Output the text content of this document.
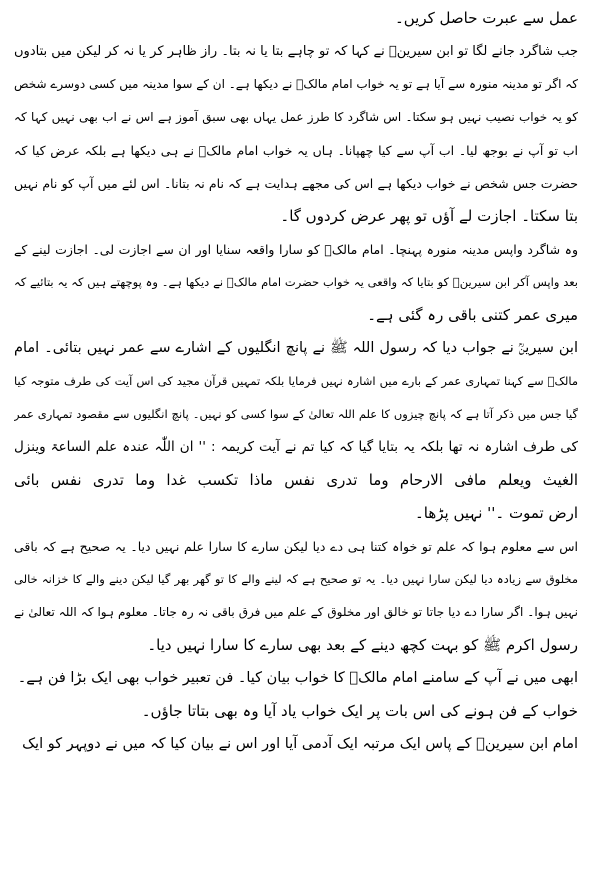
عمل سے عبرت حاصل کریں۔
جب شاگرد جانے لگا تو ابن سیرینؒ نے کہا کہ تو چاہے بتا یا نہ بتا۔ راز ظاہر کر یا نہ کر لیکن میں بتادوں
کہ اگر تو مدینہ منورہ سے آیا ہے تو یہ خواب امام مالکؒ نے دیکھا ہے۔ ان کے سوا مدینہ میں کسی دوسرے شخص
کو یہ خواب نصیب نہیں ہو سکتا۔ اس شاگرد کا طرز عمل یہاں بھی سبق آموز ہے اس نے اب بھی نہیں کہا کہ
اب تو آپ نے بوجھ لیا۔ اب آپ سے کیا چھپانا۔ ہاں یہ خواب امام مالکؒ نے ہی دیکھا ہے بلکہ عرض کیا کہ
حضرت جس شخص نے خواب دیکھا ہے اس کی مجھے ہدایت ہے کہ نام نہ بتانا۔ اس لئے میں آپ کو نام نہیں
بتا سکتا۔ اجازت لے آؤں تو پھر عرض کردوں گا۔
وہ شاگرد واپس مدینہ منورہ پہنچا۔ امام مالکؒ کو سارا واقعہ سنایا اور ان سے اجازت لی۔ اجازت لینے کے
بعد واپس آکر ابن سیرینؒ کو بتایا کہ واقعی یہ خواب حضرت امام مالکؒ نے دیکھا ہے۔ وہ پوچھتے ہیں کہ یہ بتائیے کہ
میری عمر کتنی باقی رہ گئی ہے۔
ابن سیرینؒ نے جواب دیا کہ رسول اللہ ﷺ نے پانچ انگلیوں کے اشارے سے عمر نہیں بتائی۔ امام
مالکؒ سے کہنا تمہاری عمر کے بارے میں اشارہ نہیں فرمایا بلکہ تمہیں قرآن مجید کی اس آیت کی طرف متوجہ کیا
گیا جس میں ذکر آتا ہے کہ پانچ چیزوں کا علم اللہ تعالیٰ کے سوا کسی کو نہیں۔ پانچ انگلیوں سے مقصود تمہاری عمر
کی طرف اشارہ نہ تھا بلکہ یہ بتایا گیا کہ کیا تم نے آیت کریمہ : '' ان اللّٰہ عندہ علم الساعۃ وینزل
الغیث ویعلم مافی الارحام وما تدری نفس ماذا تکسب غدا وما تدری نفس بائی
ارض تموت ۔'' نہیں پڑھا۔
اس سے معلوم ہوا کہ علم تو خواہ کتنا ہی دے دیا لیکن سارے کا سارا علم نہیں دیا۔ یہ صحیح ہے کہ باقی
مخلوق سے زیادہ دیا لیکن سارا نہیں دیا۔ یہ تو صحیح ہے کہ لینے والے کا تو گھر بھر گیا لیکن دینے والے کا خزانہ خالی
نہیں ہوا۔ اگر سارا دے دیا جاتا تو خالق اور مخلوق کے علم میں فرق باقی نہ رہ جاتا۔ معلوم ہوا کہ اللہ تعالیٰ نے
رسول اکرم ﷺ کو بہت کچھ دینے کے بعد بھی سارے کا سارا نہیں دیا۔
ابھی میں نے آپ کے سامنے امام مالکؒ کا خواب بیان کیا۔ فن تعبیر خواب بھی ایک بڑا فن ہے۔
خواب کے فن ہونے کی اس بات پر ایک خواب یاد آیا وہ بھی بتاتا جاؤں۔
امام ابن سیرینؒ کے پاس ایک مرتبہ ایک آدمی آیا اور اس نے بیان کیا کہ میں نے دوپہر کو ایک
